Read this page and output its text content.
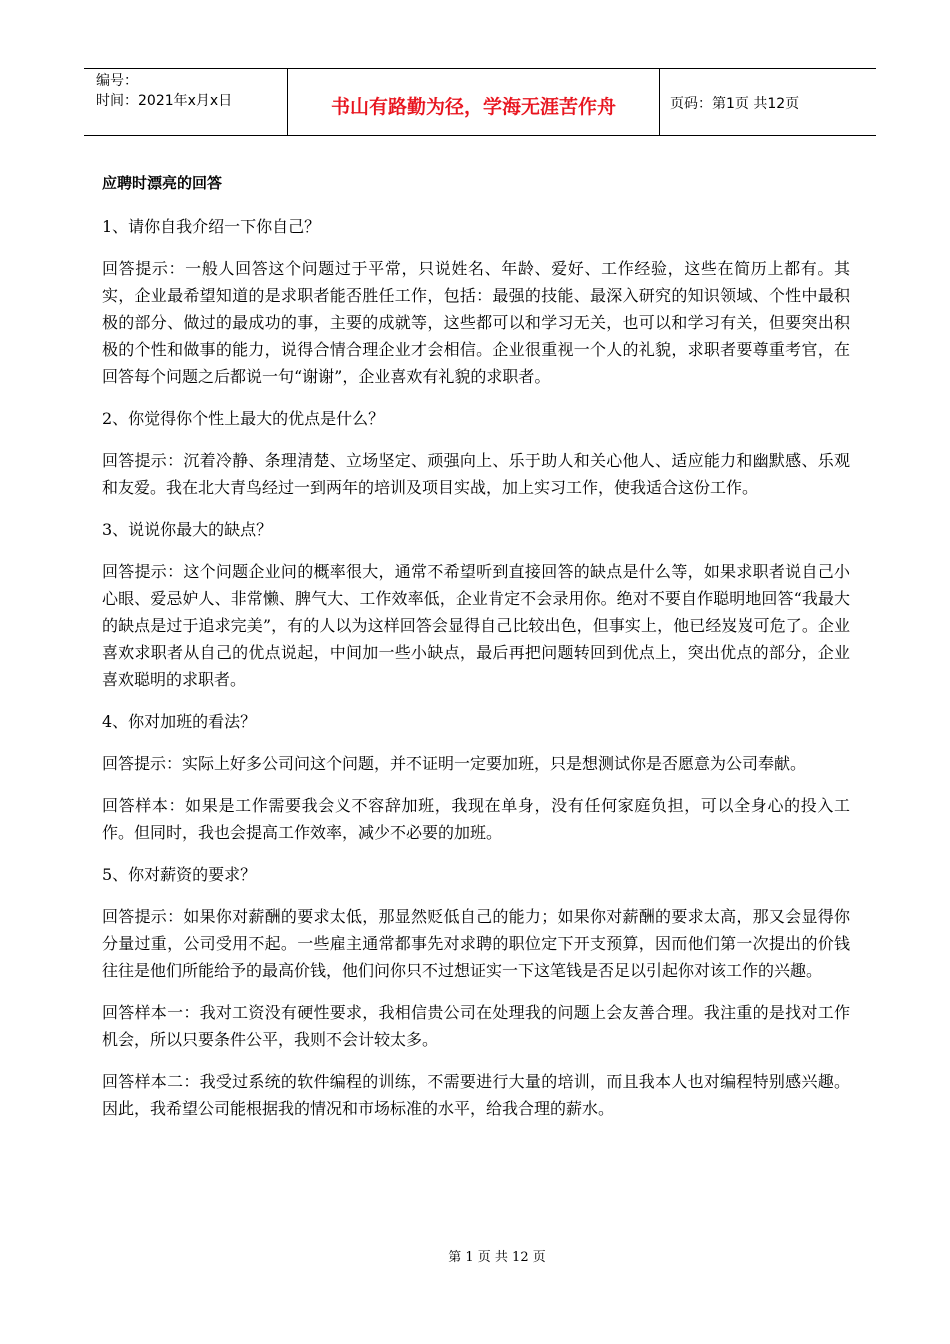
编号：
时间：2021年x月x日	书山有路勤为径，学海无涯苦作舟	页码：第1页 共12页

应聘时漂亮的回答

1、请你自我介绍一下你自己？

回答提示：一般人回答这个问题过于平常，只说姓名、年龄、爱好、工作经验，这些在简历上都有。其实，企业最希望知道的是求职者能否胜任工作，包括：最强的技能、最深入研究的知识领域、个性中最积极的部分、做过的最成功的事，主要的成就等，这些都可以和学习无关，也可以和学习有关，但要突出积极的个性和做事的能力，说得合情合理企业才会相信。企业很重视一个人的礼貌，求职者要尊重考官，在回答每个问题之后都说一句“谢谢”，企业喜欢有礼貌的求职者。

2、你觉得你个性上最大的优点是什么？

回答提示：沉着冷静、条理清楚、立场坚定、顽强向上、乐于助人和关心他人、适应能力和幽默感、乐观和友爱。我在北大青鸟经过一到两年的培训及项目实战，加上实习工作，使我适合这份工作。

3、说说你最大的缺点？

回答提示：这个问题企业问的概率很大，通常不希望听到直接回答的缺点是什么等，如果求职者说自己小心眼、爱忌妒人、非常懒、脾气大、工作效率低，企业肯定不会录用你。绝对不要自作聪明地回答“我最大的缺点是过于追求完美”，有的人以为这样回答会显得自己比较出色，但事实上，他已经岌岌可危了。企业喜欢求职者从自己的优点说起，中间加一些小缺点，最后再把问题转回到优点上，突出优点的部分，企业喜欢聪明的求职者。

4、你对加班的看法？

回答提示：实际上好多公司问这个问题，并不证明一定要加班，只是想测试你是否愿意为公司奉献。

回答样本：如果是工作需要我会义不容辞加班，我现在单身，没有任何家庭负担，可以全身心的投入工作。但同时，我也会提高工作效率，减少不必要的加班。

5、你对薪资的要求？

回答提示：如果你对薪酬的要求太低，那显然贬低自己的能力；如果你对薪酬的要求太高，那又会显得你分量过重，公司受用不起。一些雇主通常都事先对求聘的职位定下开支预算，因而他们第一次提出的价钱往往是他们所能给予的最高价钱，他们问你只不过想证实一下这笔钱是否足以引起你对该工作的兴趣。

回答样本一：我对工资没有硬性要求，我相信贵公司在处理我的问题上会友善合理。我注重的是找对工作机会，所以只要条件公平，我则不会计较太多。

回答样本二：我受过系统的软件编程的训练，不需要进行大量的培训，而且我本人也对编程特别感兴趣。因此，我希望公司能根据我的情况和市场标准的水平，给我合理的薪水。

第 1 页 共 12 页
